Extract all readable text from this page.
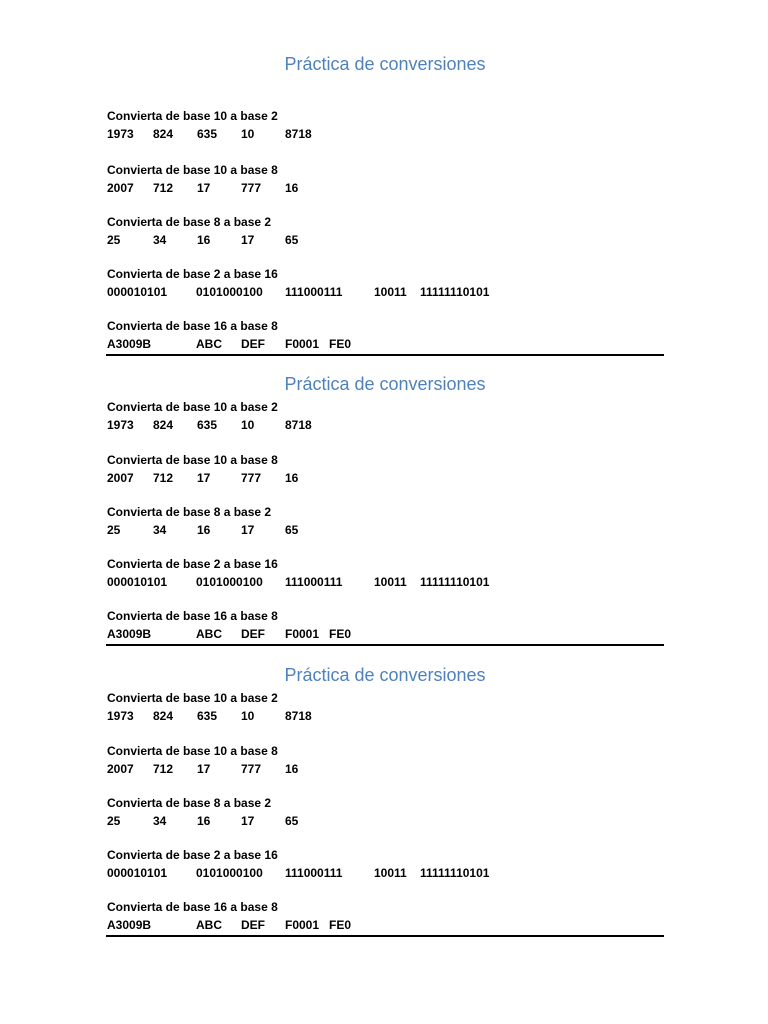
Práctica de conversiones
Convierta de base 10 a base 2
1973 824 635 10	8718
Convierta de base 10 a base 8
2007 712 17	777 16
Convierta de base 8 a base 2
25	34	16	17	65
Convierta de base 2 a base 16
000010101 0101000100 111000111	10011 11111110101
Convierta de base 16 a base 8
A3009B	ABC DEF F0001 FE0
Práctica de conversiones
Convierta de base 10 a base 2
1973 824 635 10	8718
Convierta de base 10 a base 8
2007 712 17	777 16
Convierta de base 8 a base 2
25	34	16	17	65
Convierta de base 2 a base 16
000010101 0101000100 111000111	10011 11111110101
Convierta de base 16 a base 8
A3009B	ABC DEF F0001 FE0
Práctica de conversiones
Convierta de base 10 a base 2
1973 824 635 10	8718
Convierta de base 10 a base 8
2007 712 17	777 16
Convierta de base 8 a base 2
25	34	16	17	65
Convierta de base 2 a base 16
000010101 0101000100 111000111	10011 11111110101
Convierta de base 16 a base 8
A3009B	ABC DEF F0001 FE0
